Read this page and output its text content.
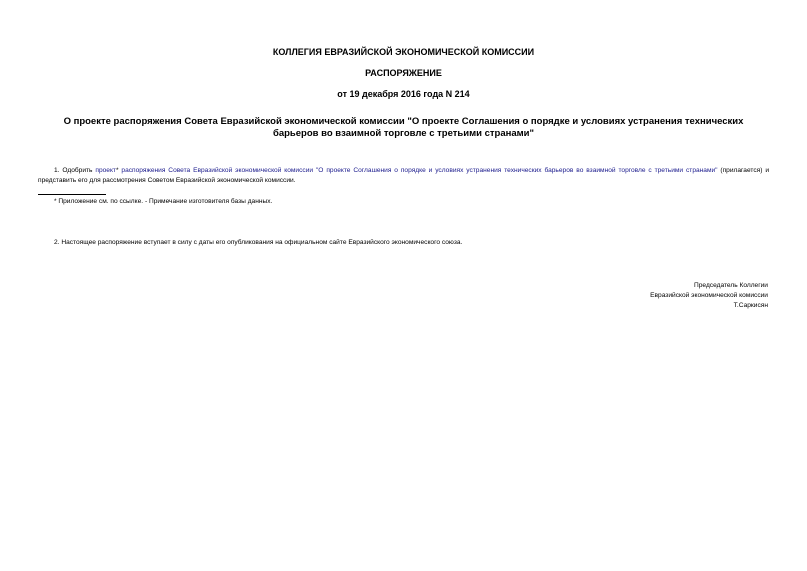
КОЛЛЕГИЯ ЕВРАЗИЙСКОЙ ЭКОНОМИЧЕСКОЙ КОМИССИИ
РАСПОРЯЖЕНИЕ
от 19 декабря 2016 года N 214
О проекте распоряжения Совета Евразийской экономической комиссии "О проекте Соглашения о порядке и условиях устранения технических барьеров во взаимной торговле с третьими странами"
1. Одобрить проект* распоряжения Совета Евразийской экономической комиссии "О проекте Соглашения о порядке и условиях устранения технических барьеров во взаимной торговле с третьими странами" (прилагается) и представить его для рассмотрения Советом Евразийской экономической комиссии.
* Приложение см. по ссылке. - Примечание изготовителя базы данных.
2. Настоящее распоряжение вступает в силу с даты его опубликования на официальном сайте Евразийского экономического союза.
Председатель Коллегии
Евразийской экономической комиссии
Т.Саркисян
